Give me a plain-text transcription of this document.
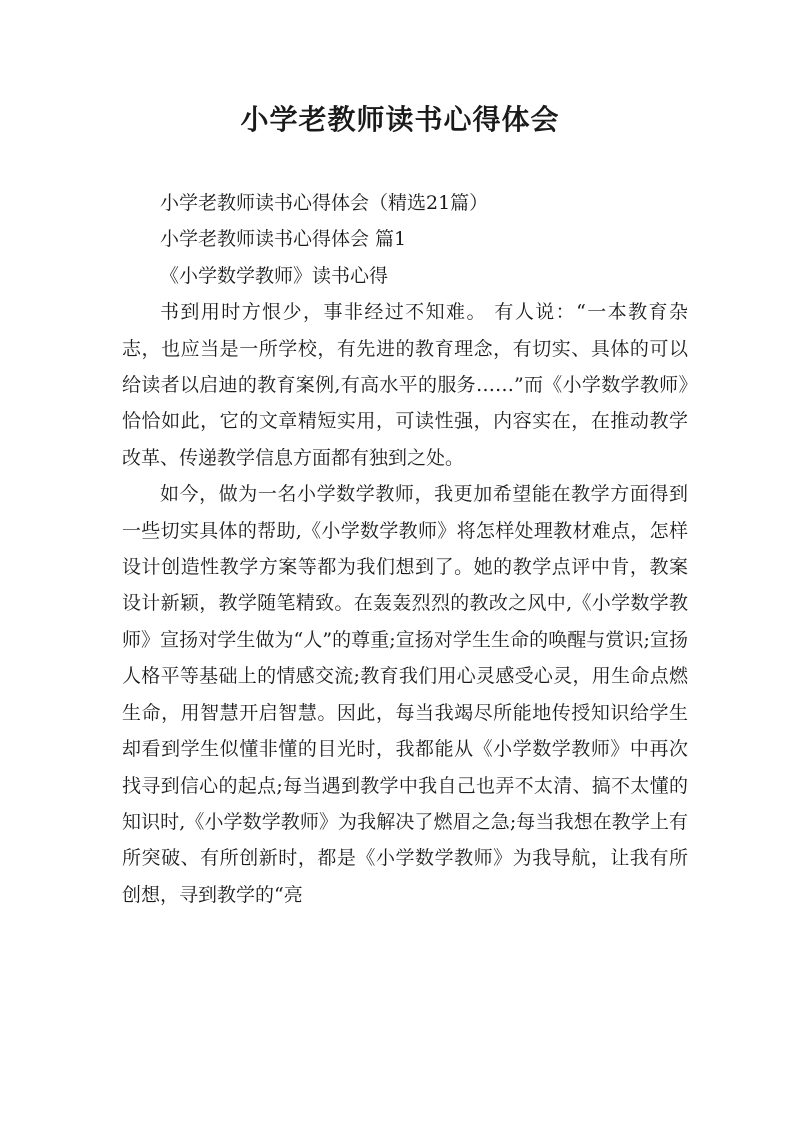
小学老教师读书心得体会

小学老教师读书心得体会（精选21篇）

小学老教师读书心得体会 篇1

《小学数学教师》读书心得

书到用时方恨少，事非经过不知难。 有人说：“一本教育杂志，也应当是一所学校，有先进的教育理念，有切实、具体的可以给读者以启迪的教育案例,有高水平的服务……”而《小学数学教师》恰恰如此，它的文章精短实用，可读性强，内容实在，在推动教学改革、传递教学信息方面都有独到之处。

如今，做为一名小学数学教师，我更加希望能在教学方面得到一些切实具体的帮助,《小学数学教师》将怎样处理教材难点，怎样设计创造性教学方案等都为我们想到了。她的教学点评中肯，教案设计新颖，教学随笔精致。在轰轰烈烈的教改之风中,《小学数学教师》宣扬对学生做为“人”的尊重;宣扬对学生生命的唤醒与赏识;宣扬人格平等基础上的情感交流;教育我们用心灵感受心灵，用生命点燃生命，用智慧开启智慧。因此，每当我竭尽所能地传授知识给学生却看到学生似懂非懂的目光时，我都能从《小学数学教师》中再次找寻到信心的起点;每当遇到教学中我自己也弄不太清、搞不太懂的知识时,《小学数学教师》为我解决了燃眉之急;每当我想在教学上有所突破、有所创新时，都是《小学数学教师》为我导航，让我有所创想，寻到教学的“亮
